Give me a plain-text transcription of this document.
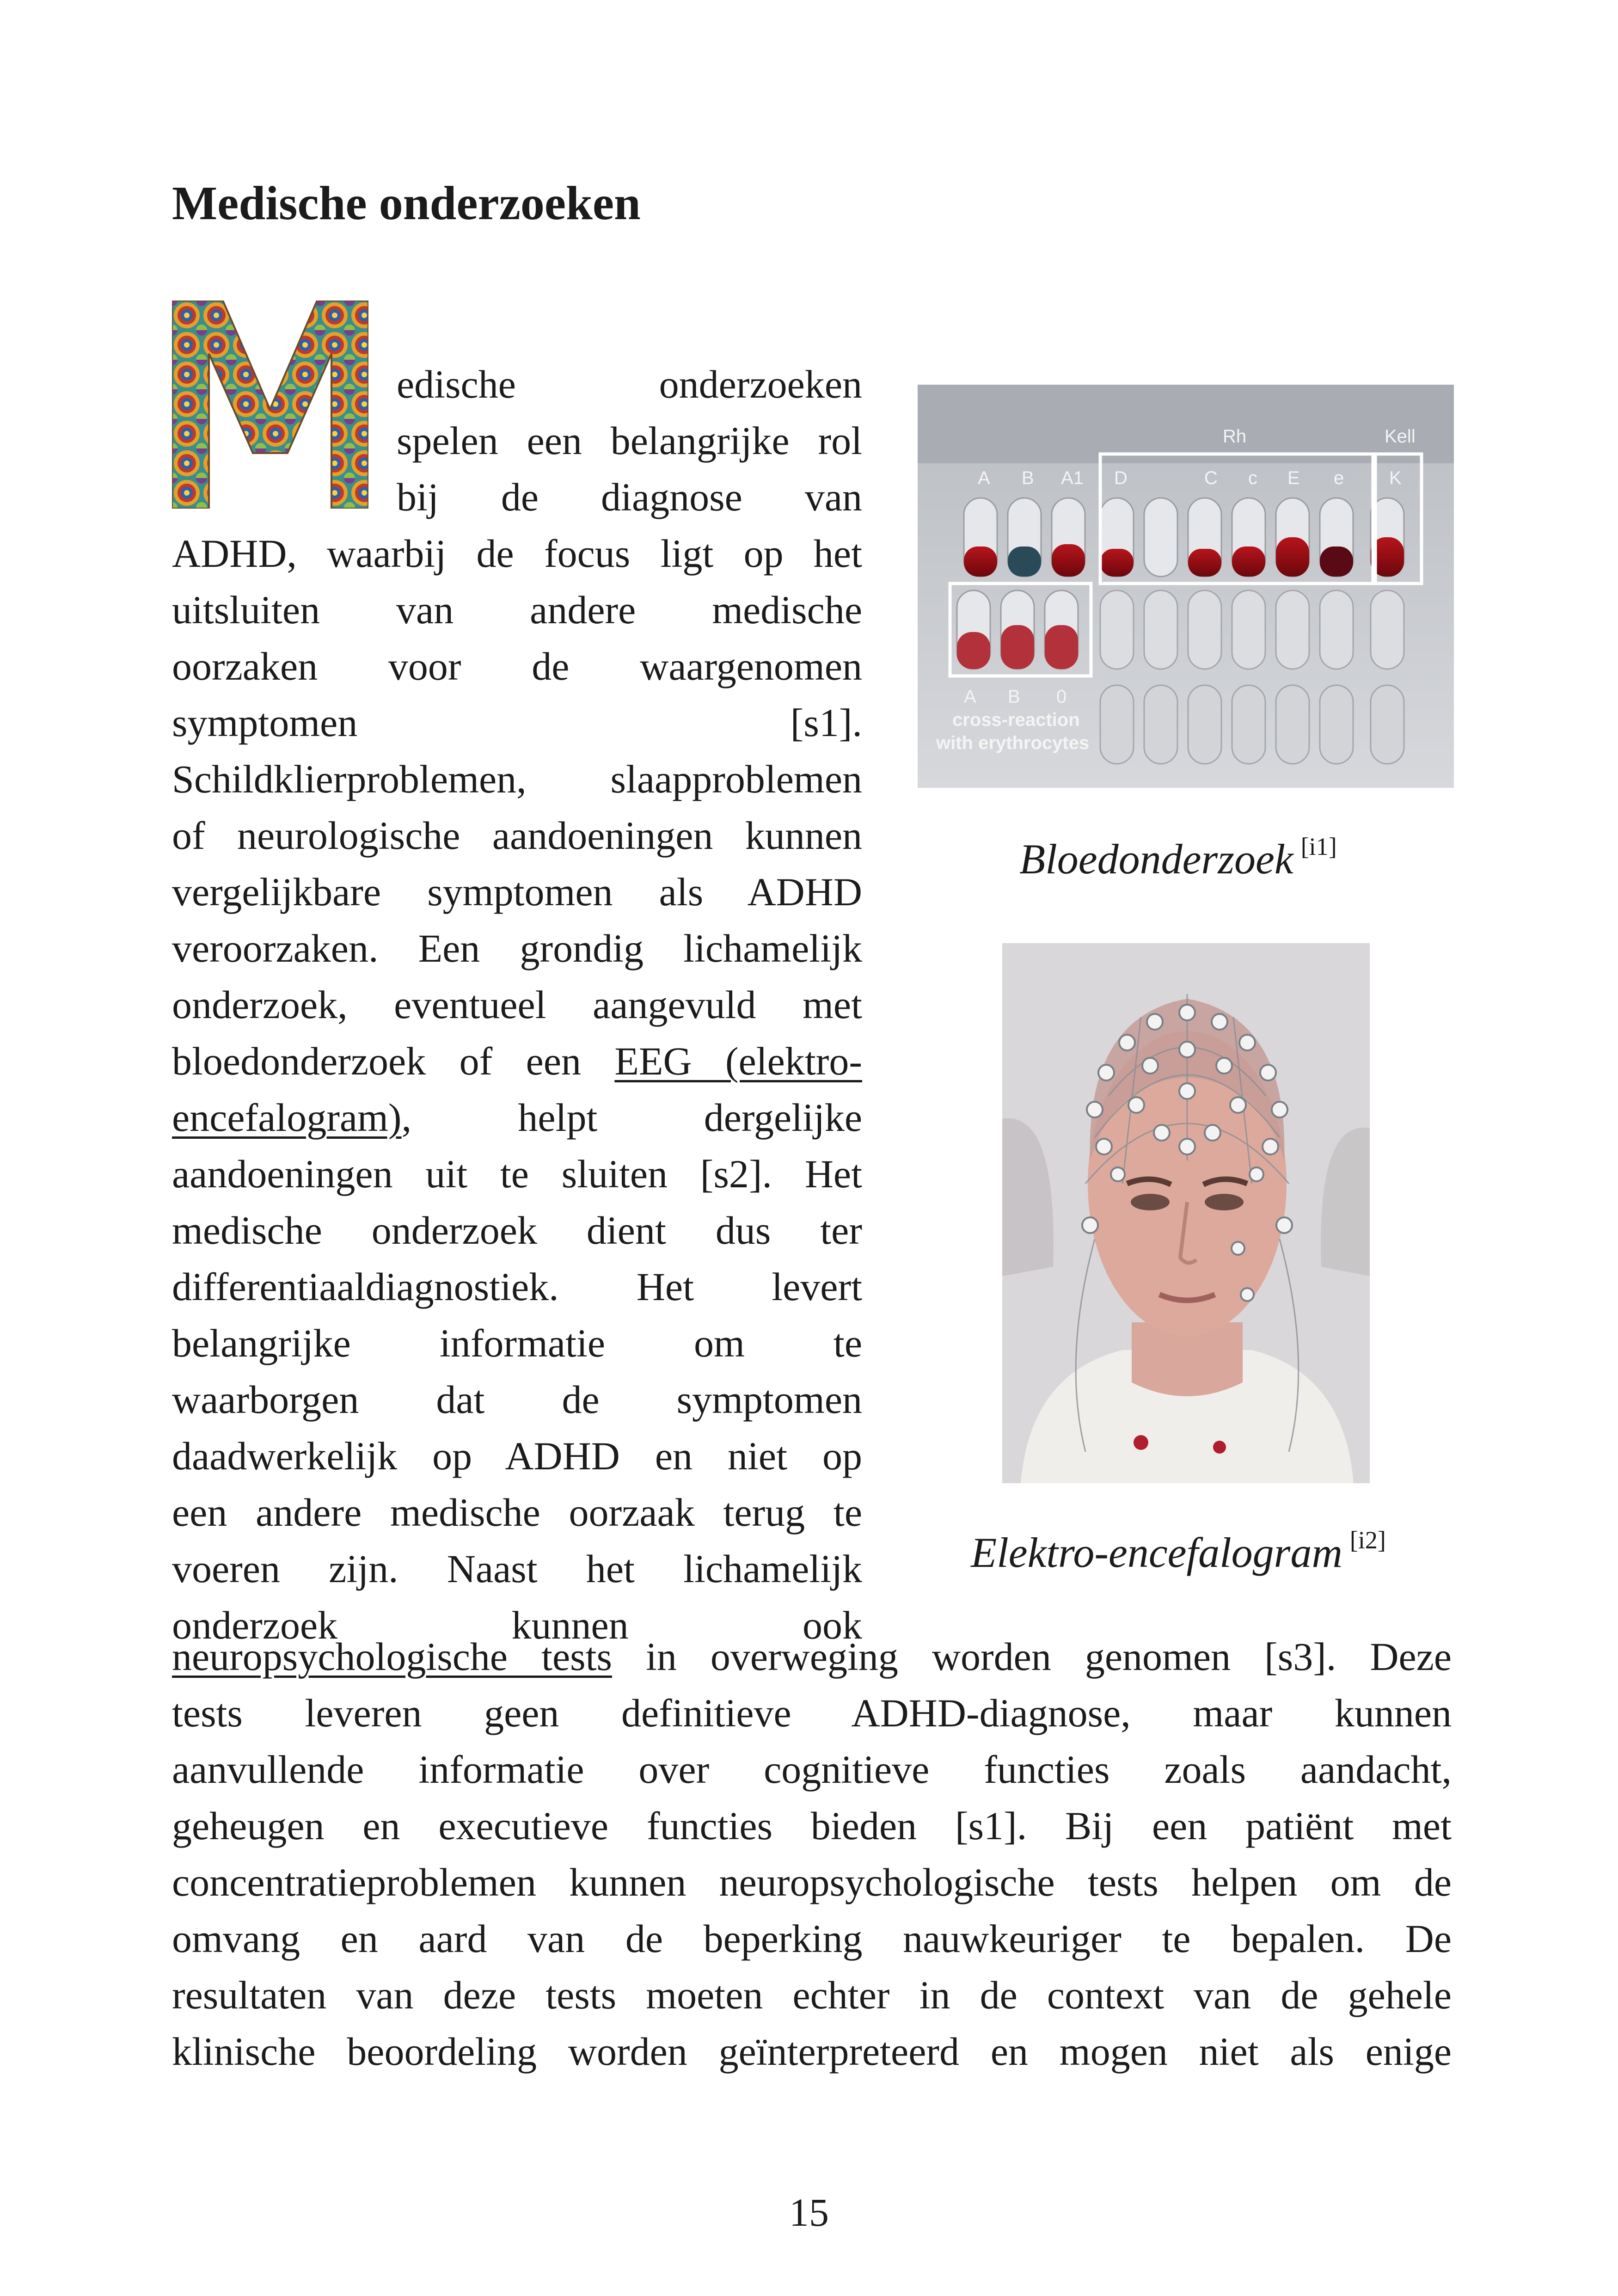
Medische onderzoeken
edische onderzoeken
spelen een belangrijke rol
bij de diagnose van
ADHD, waarbij de focus ligt op het
uitsluiten van andere medische
oorzaken voor de waargenomen
symptomen [s1].
Schildklierproblemen, slaapproblemen
of neurologische aandoeningen kunnen
vergelijkbare symptomen als ADHD
veroorzaken. Een grondig lichamelijk
onderzoek, eventueel aangevuld met
bloedonderzoek of een EEG (elektro-
encefalogram), helpt dergelijke
aandoeningen uit te sluiten [s2]. Het
medische onderzoek dient dus ter
differentiaaldiagnostiek. Het levert
belangrijke informatie om te
waarborgen dat de symptomen
daadwerkelijk op ADHD en niet op
een andere medische oorzaak terug te
voeren zijn. Naast het lichamelijk
onderzoek kunnen ook
neuropsychologische tests in overweging worden genomen [s3]. Deze
tests leveren geen definitieve ADHD-diagnose, maar kunnen
aanvullende informatie over cognitieve functies zoals aandacht,
geheugen en executieve functies bieden [s1]. Bij een patiënt met
concentratieproblemen kunnen neuropsychologische tests helpen om de
omvang en aard van de beperking nauwkeuriger te bepalen. De
resultaten van deze tests moeten echter in de context van de gehele
klinische beoordeling worden geïnterpreteerd en mogen niet als enige
Rh	Kell
A B A1 D	C c E e K
A B 0
cross-reaction
with erythrocytes
Bloedonderzoek [i1]
Elektro-encefalogram [i2]
15
